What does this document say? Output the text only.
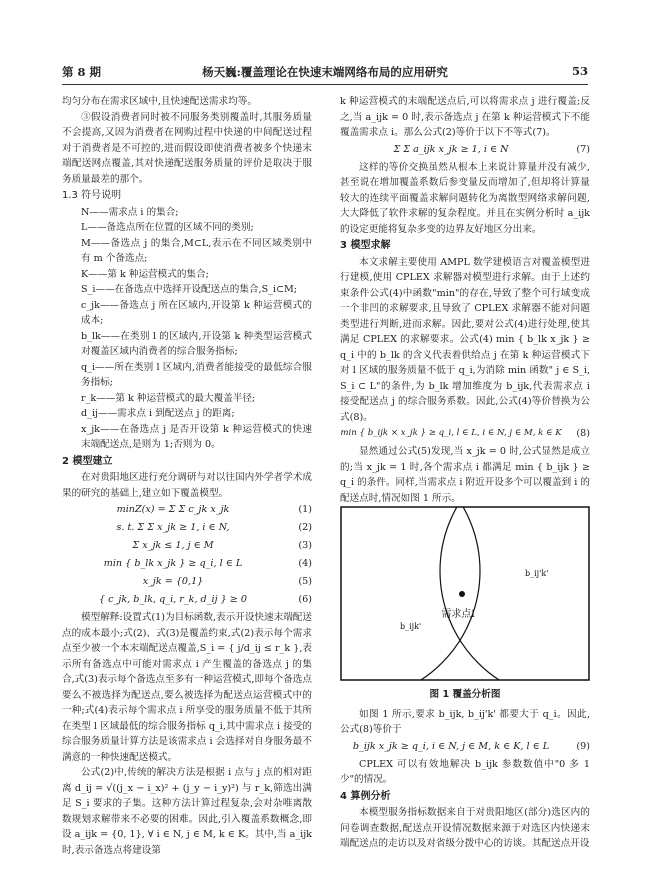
第 8 期	杨天巍:覆盖理论在快速末端网络布局的应用研究	53

均匀分布在需求区域中,且快速配送需求均等。

③假设消费者同时被不同服务类别覆盖时,其服务质量不会提高,又因为消费者在网购过程中快递的中间配送过程对于消费者是不可控的,进而假设即使消费者被多个快递末端配送网点覆盖,其对快递配送服务质量的评价是取决于服务质量最差的那个。

1.3 符号说明

N——需求点 i 的集合;

L——备选点所在位置的区域不同的类别;

M——备选点 j 的集合,M⊂L,表示在不同区域类别中有 m 个备选点;

K——第 k 种运营模式的集合;

S_i——在备选点中选择开设配送点的集合,S_i⊂M;

c_jk——备选点 j 所在区域内,开设第 k 种运营模式的成本;

b_lk——在类别 l 的区域内,开设第 k 种类型运营模式对覆盖区域内消费者的综合服务指标;

q_i——所在类别 l 区域内,消费者能接受的最低综合服务指标;

r_k——第 k 种运营模式的最大覆盖半径;

d_ij——需求点 i 到配送点 j 的距离;

x_jk——在备选点 j 是否开设第 k 种运营模式的快速末端配送点,是则为 1;否则为 0。

2 模型建立

在对贵阳地区进行充分调研与对以往国内外学者学术成果的研究的基础上,建立如下覆盖模型。

minZ(x) = Σ Σ c_jk x_jk	(1)
s. t. Σ Σ x_jk ≥ 1, i ∈ N,	(2)
Σ x_jk ≤ 1, j ∈ M	(3)
min { b_lk x_jk } ≥ q_i, l ∈ L	(4)
x_jk = {0,1}	(5)
{ c_jk, b_lk, q_i, r_k, d_ij } ≥ 0	(6)

模型解释:设置式(1)为目标函数,表示开设快速末端配送点的成本最小;式(2)、式(3)是覆盖约束,式(2)表示每个需求点至少被一个本末端配送点覆盖,S_i = { j/d_ij ≤ r_k },表示所有备选点中可能对需求点 i 产生覆盖的备选点 j 的集合,式(3)表示每个备选点至多有一种运营模式,即每个备选点要么不被选择为配送点,要么被选择为配送点运营模式中的一种;式(4)表示每个需求点 i 所享受的服务质量不低于其所在类型 l 区域最低的综合服务指标 q_i,其中需求点 i 接受的综合服务质量计算方法是该需求点 i 会选择对自身服务最不满意的一种快速配送模式。

公式(2)中,传统的解决方法是根据 i 点与 j 点的相对距离 d_ij = √((j_x − i_x)² + (j_y − i_y)²) 与 r_k,筛选出满足 S_i 要求的子集。这种方法计算过程复杂,会对杂唯离散数规划求解带来不必要的困难。因此,引入覆盖系数概念,即设 a_ijk = {0, 1}, ∀ i ∈ N, j ∈ M, k ∈ K。其中,当 a_ijk 时,表示备选点将建设第

k 种运营模式的末端配送点后,可以将需求点 j 进行覆盖;反之,当 a_ijk = 0 时,表示备选点 j 在第 k 种运营模式下不能覆盖需求点 i。那么公式(2)等价于以下不等式(7)。

Σ Σ a_ijk x_jk ≥ 1, i ∈ N	(7)

这样的等价交换虽然从根本上来说计算量并没有减少,甚至说在增加覆盖系数后参变量反而增加了,但却将计算量较大的连续平面覆盖求解问题转化为离散型网络求解问题,大大降低了软件求解的复杂程度。并且在实例分析时 a_ijk 的设定更能将复杂多变的边界友好地区分出来。

3 模型求解

本文求解主要使用 AMPL 数学建模语言对覆盖模型进行建模,使用 CPLEX 求解器对模型进行求解。由于上述约束条件公式(4)中函数"min"的存在,导致了整个可行域变成一个非凹的求解要求,且导致了 CPLEX 求解器不能对问题类型进行判断,进而求解。因此,要对公式(4)进行处理,使其满足 CPLEX 的求解要求。公式(4) min { b_lk x_jk } ≥ q_i 中的 b_lk 的含义代表着供给点 j 在第 k 种运营模式下对 l 区域的服务质量不低于 q_i,为消除 min 函数" j ∈ S_i, S_i ⊂ L"的条件,为 b_lk 增加维度为 b_ijk,代表需求点 i 接受配送点 j 的综合服务系数。因此,公式(4)等价替换为公式(8)。

min { b_ijk × x_jk } ≥ q_i, l ∈ L, i ∈ N, j ∈ M, k ∈ K (8)

显然通过公式(5)发现,当 x_jk = 0 时,公式显然是成立的;当 x_jk = 1 时,各个需求点 i 都满足 min { b_ijk } ≥ q_i 的条件。同样,当需求点 i 附近开设多个可以覆盖到 i 的配送点时,情况如图 1 所示。

需求点i
b_ij'k'
b_ijk'

图 1 覆盖分析图

如图 1 所示,要求 b_ijk, b_ij'k' 都要大于 q_i。因此,公式(8)等价于

b_ijk x_jk ≥ q_i, i ∈ N, j ∈ M, k ∈ K, l ∈ L	(9)

CPLEX 可以有效地解决 b_ijk 参数数值中"0 多 1 少"的情况。

4 算例分析

本模型服务指标数据来自于对贵阳地区(部分)选区内的问卷调查数据,配送点开设情况数据来源于对选区内快递末端配送点的走访以及对省级分拨中心的访谈。其配送点开设
